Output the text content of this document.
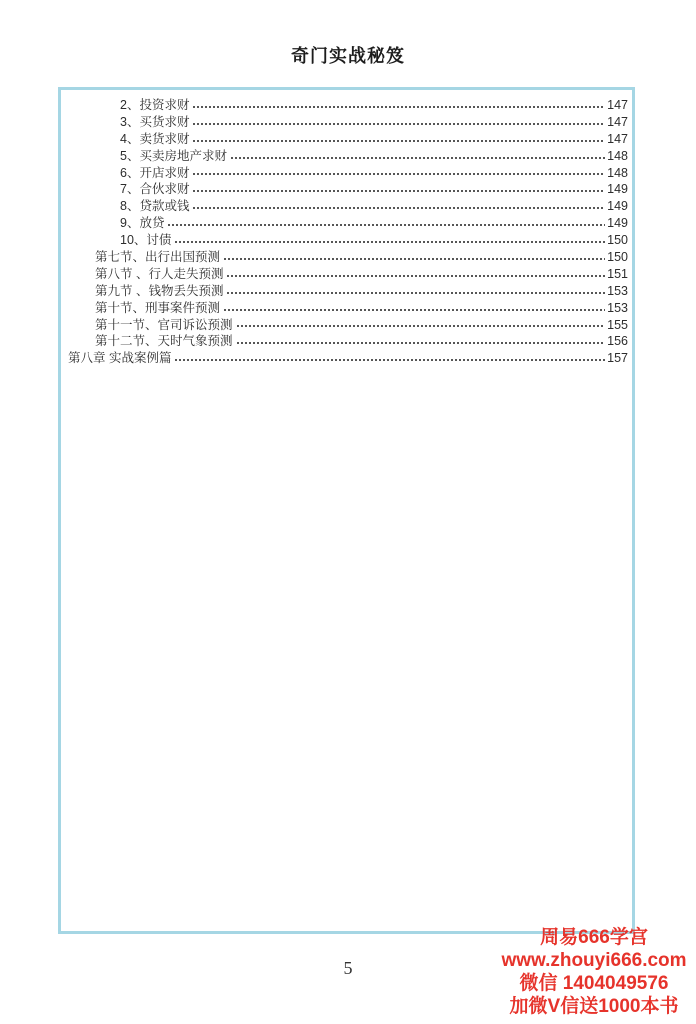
奇门实战秘笈
2、投资求财	147
3、买货求财	147
4、卖货求财	147
5、买卖房地产求财	148
6、开店求财	148
7、合伙求财	149
8、贷款或钱	149
9、放贷	149
10、讨债	150
第七节、出行出国预测	150
第八节 、行人走失预测	151
第九节 、钱物丢失预测	153
第十节、刑事案件预测	153
第十一节、官司诉讼预测	155
第十二节、天时气象预测	156
第八章 实战案例篇	157
5
周易666学宫
www.zhouyi666.com
微信 1404049576
加微V信送1000本书
